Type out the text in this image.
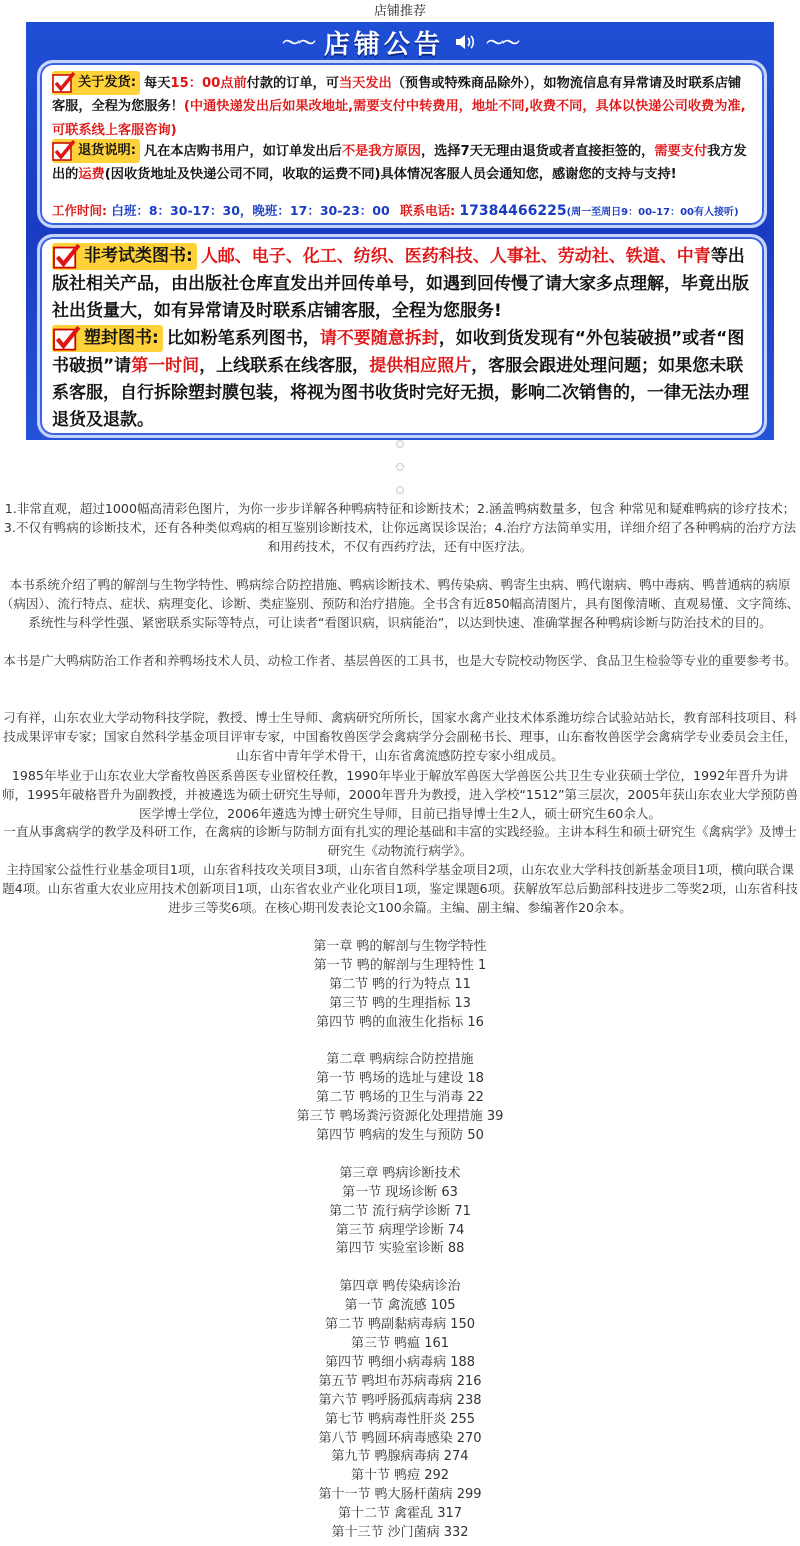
店铺推荐
〜〜 店铺公告 〜〜
关于发货: 每天15：00点前付款的订单，可当天发出（预售或特殊商品除外），如物流信息有异常请及时联系店铺客服，全程为您服务！(中通快递发出后如果改地址,需要支付中转费用，地址不同,收费不同，具体以快递公司收费为准,可联系线上客服咨询)
退货说明: 凡在本店购书用户，如订单发出后不是我方原因，选择7天无理由退货或者直接拒签的，需要支付我方发出的运费(因收货地址及快递公司不同，收取的运费不同)具体情况客服人员会通知您，感谢您的支持与支持!
工作时间: 白班：8：30-17：30，晚班：17：30-23：00 联系电话: 17384466225(周一至周日9：00-17：00有人接听)
非考试类图书: 人邮、电子、化工、纺织、医药科技、人事社、劳动社、铁道、中青等出版社相关产品，由出版社仓库直发出并回传单号，如遇到回传慢了请大家多点理解，毕竟出版社出货量大，如有异常请及时联系店铺客服，全程为您服务!
塑封图书: 比如粉笔系列图书，请不要随意拆封，如收到货发现有“外包装破损”或者“图书破损”请第一时间，上线联系在线客服，提供相应照片，客服会跟进处理问题；如果您未联系客服，自行拆除塑封膜包装，将视为图书收货时完好无损，影响二次销售的，一律无法办理退货及退款。
1.非常直观，超过1000幅高清彩色图片，为你一步步详解各种鸭病特征和诊断技术；2.涵盖鸭病数量多，包含 种常见和疑难鸭病的诊疗技术；3.不仅有鸭病的诊断技术，还有各种类似鸡病的相互鉴别诊断技术，让你远离误诊误治；4.治疗方法简单实用，详细介绍了各种鸭病的治疗方法和用药技术，不仅有西药疗法，还有中医疗法。
本书系统介绍了鸭的解剖与生物学特性、鸭病综合防控措施、鸭病诊断技术、鸭传染病、鸭寄生虫病、鸭代谢病、鸭中毒病、鸭普通病的病原（病因）、流行特点、症状、病理变化、诊断、类症鉴别、预防和治疗措施。全书含有近850幅高清图片，具有图像清晰、直观易懂、文字简练、系统性与科学性强、紧密联系实际等特点，可让读者“看图识病，识病能治”，以达到快速、准确掌握各种鸭病诊断与防治技术的目的。
本书是广大鸭病防治工作者和养鸭场技术人员、动检工作者、基层兽医的工具书，也是大专院校动物医学、食品卫生检验等专业的重要参考书。
刁有祥，山东农业大学动物科技学院，教授、博士生导师、禽病研究所所长，国家水禽产业技术体系潍坊综合试验站站长，教育部科技项目、科技成果评审专家；国家自然科学基金项目评审专家，中国畜牧兽医学会禽病学分会副秘书长、理事，山东畜牧兽医学会禽病学专业委员会主任，山东省中青年学术骨干，山东省禽流感防控专家小组成员。
1985年毕业于山东农业大学畜牧兽医系兽医专业留校任教，1990年毕业于解放军兽医大学兽医公共卫生专业获硕士学位，1992年晋升为讲师，1995年破格晋升为副教授，并被遴选为硕士研究生导师，2000年晋升为教授，进入学校“1512”第三层次，2005年获山东农业大学预防兽医学博士学位，2006年遴选为博士研究生导师，目前已指导博士生2人，硕士研究生60余人。
一直从事禽病学的教学及科研工作，在禽病的诊断与防制方面有扎实的理论基础和丰富的实践经验。主讲本科生和硕士研究生《禽病学》及博士研究生《动物流行病学》。
主持国家公益性行业基金项目1项，山东省科技攻关项目3项，山东省自然科学基金项目2项，山东农业大学科技创新基金项目1项，横向联合课题4项。山东省重大农业应用技术创新项目1项，山东省农业产业化项目1项，鉴定课题6项。获解放军总后勤部科技进步二等奖2项，山东省科技进步三等奖6项。在核心期刊发表论文100余篇。主编、副主编、参编著作20余本。
第一章 鸭的解剖与生物学特性
第一节 鸭的解剖与生理特性 1
第二节 鸭的行为特点 11
第三节 鸭的生理指标 13
第四节 鸭的血液生化指标 16
第二章 鸭病综合防控措施
第一节 鸭场的选址与建设 18
第二节 鸭场的卫生与消毒 22
第三节 鸭场粪污资源化处理措施 39
第四节 鸭病的发生与预防 50
第三章 鸭病诊断技术
第一节 现场诊断 63
第二节 流行病学诊断 71
第三节 病理学诊断 74
第四节 实验室诊断 88
第四章 鸭传染病诊治
第一节 禽流感 105
第二节 鸭副黏病毒病 150
第三节 鸭瘟 161
第四节 鸭细小病毒病 188
第五节 鸭坦布苏病毒病 216
第六节 鸭呼肠孤病毒病 238
第七节 鸭病毒性肝炎 255
第八节 鸭圆环病毒感染 270
第九节 鸭腺病毒病 274
第十节 鸭痘 292
第十一节 鸭大肠杆菌病 299
第十二节 禽霍乱 317
第十三节 沙门菌病 332
